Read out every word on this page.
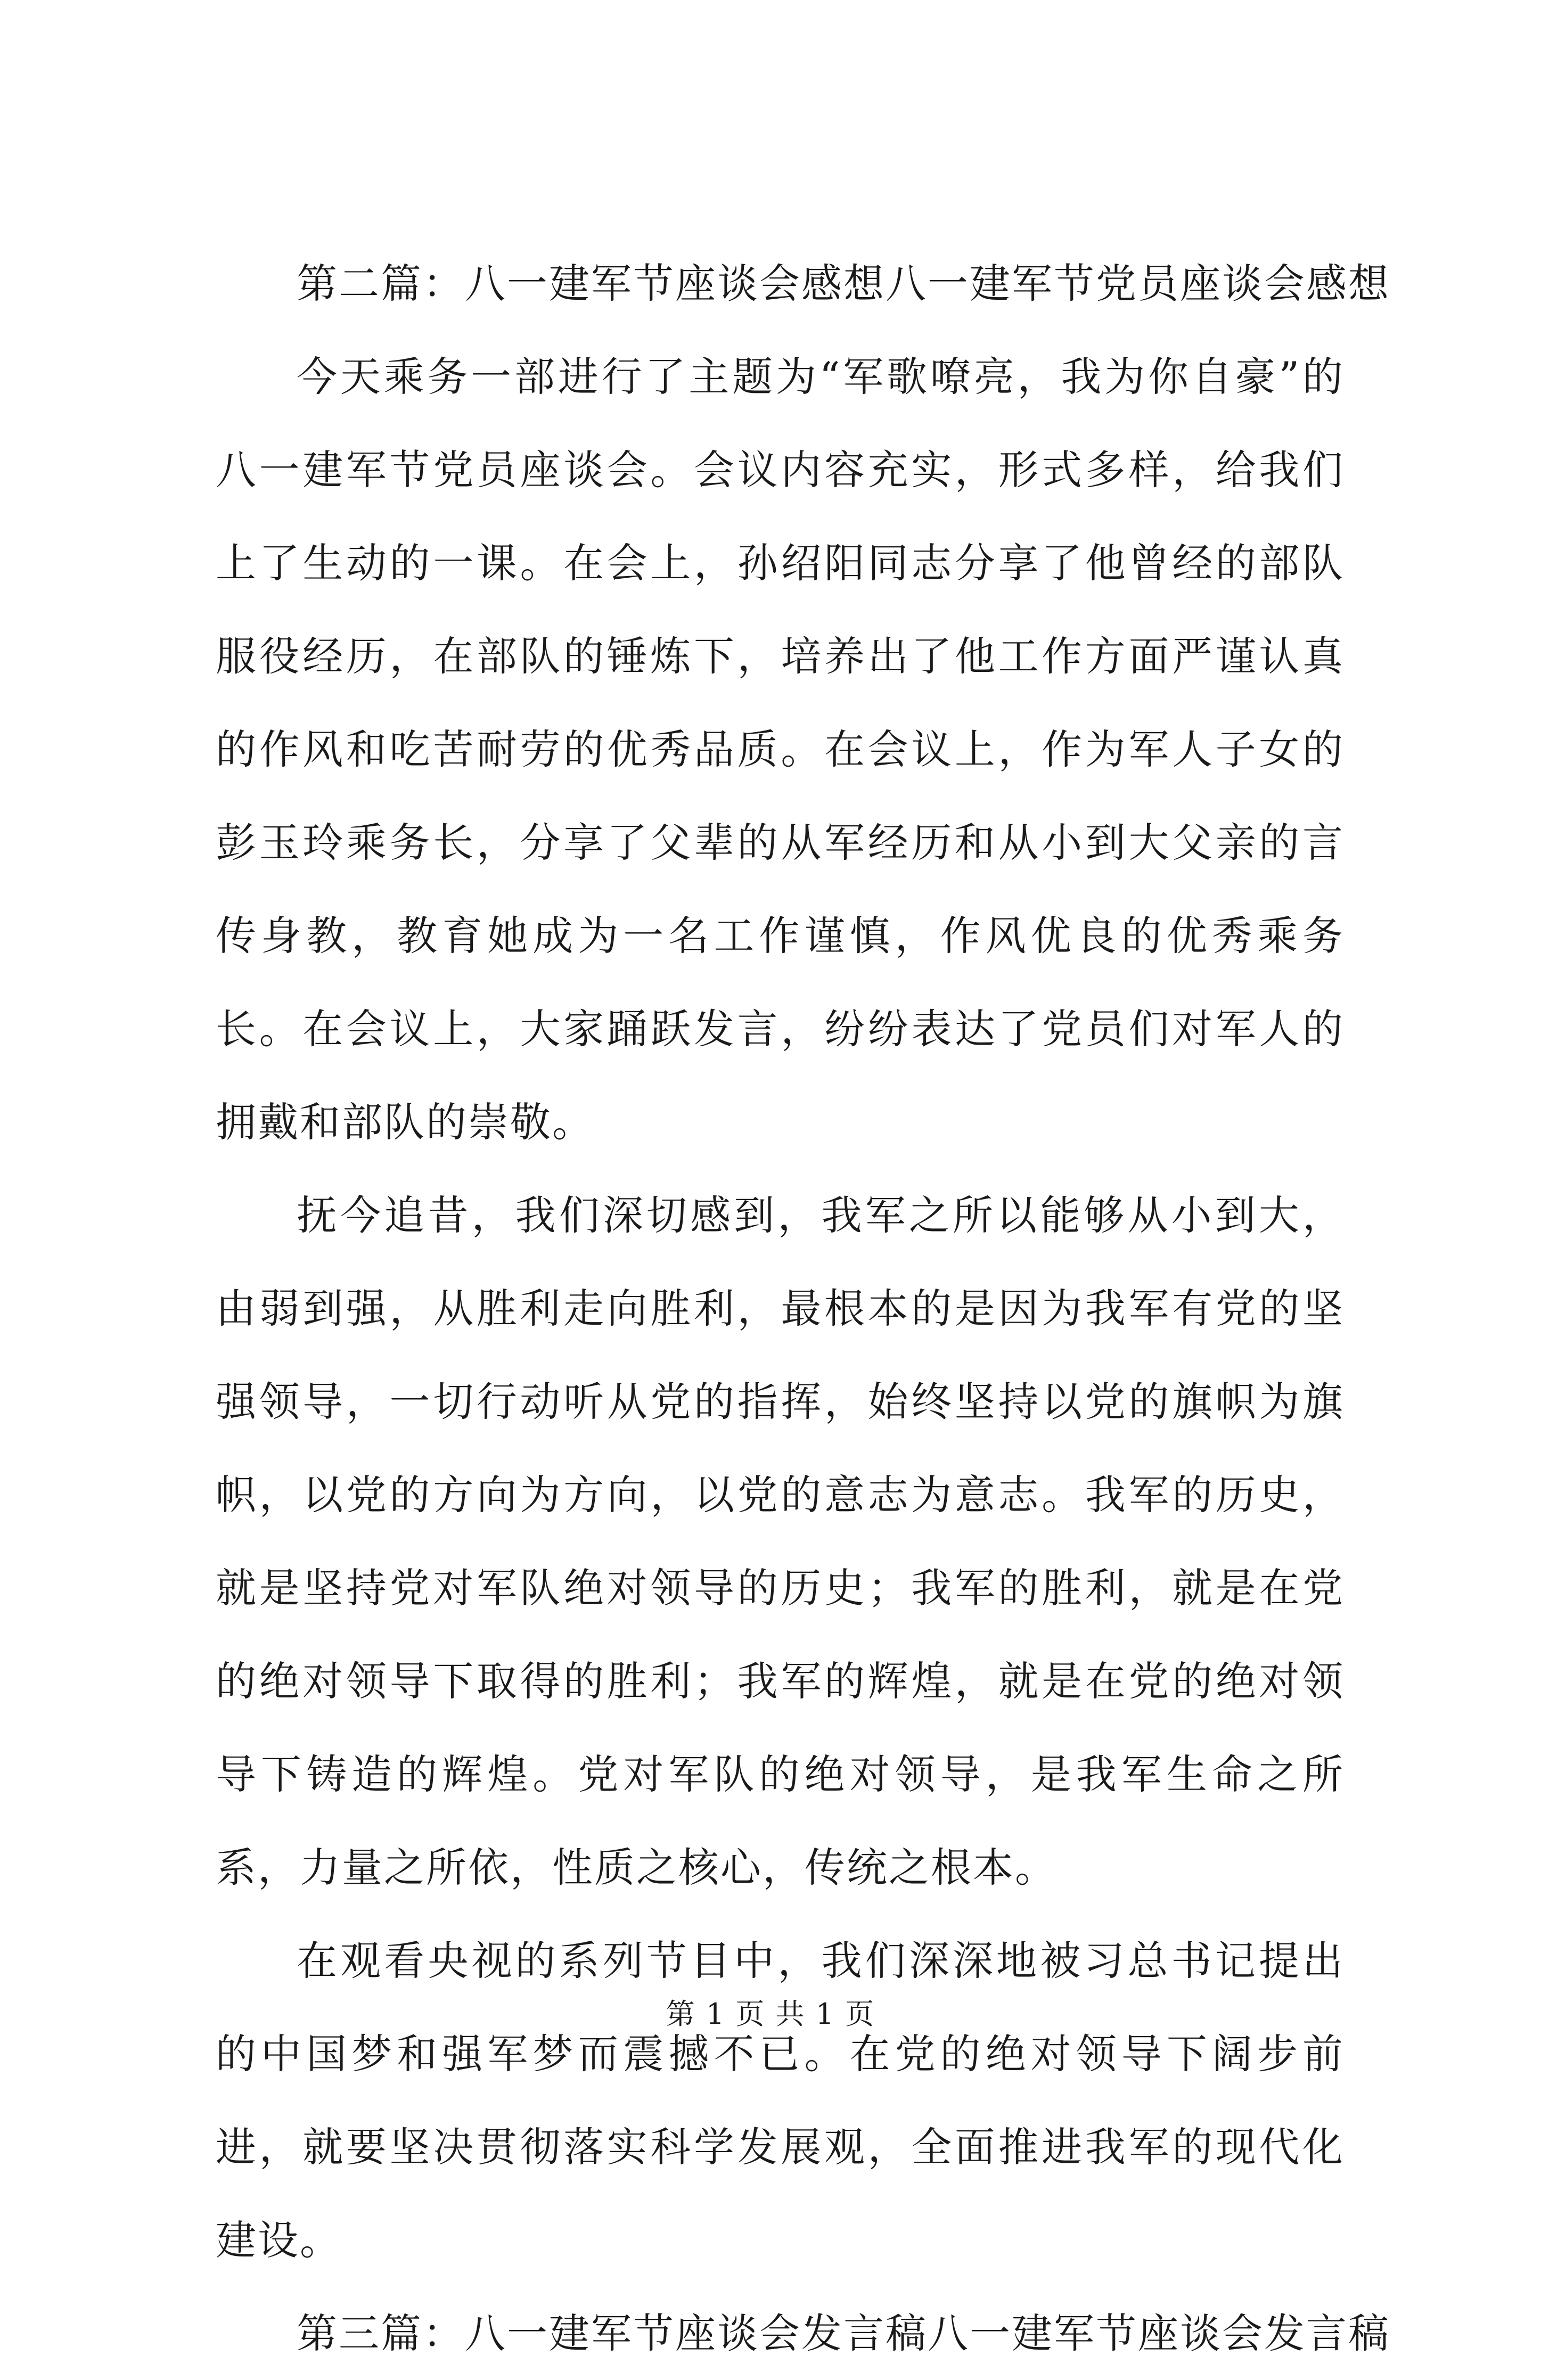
第二篇：八一建军节座谈会感想八一建军节党员座谈会感想

今天乘务一部进行了主题为“军歌嘹亮，我为你自豪”的八一建军节党员座谈会。会议内容充实，形式多样，给我们上了生动的一课。在会上，孙绍阳同志分享了他曾经的部队服役经历，在部队的锤炼下，培养出了他工作方面严谨认真的作风和吃苦耐劳的优秀品质。在会议上，作为军人子女的彭玉玲乘务长，分享了父辈的从军经历和从小到大父亲的言传身教，教育她成为一名工作谨慎，作风优良的优秀乘务长。在会议上，大家踊跃发言，纷纷表达了党员们对军人的拥戴和部队的崇敬。

抚今追昔，我们深切感到，我军之所以能够从小到大，由弱到强，从胜利走向胜利，最根本的是因为我军有党的坚强领导，一切行动听从党的指挥，始终坚持以党的旗帜为旗帜，以党的方向为方向，以党的意志为意志。我军的历史，就是坚持党对军队绝对领导的历史；我军的胜利，就是在党的绝对领导下取得的胜利；我军的辉煌，就是在党的绝对领导下铸造的辉煌。党对军队的绝对领导，是我军生命之所系，力量之所依，性质之核心，传统之根本。

在观看央视的系列节目中，我们深深地被习总书记提出的中国梦和强军梦而震撼不已。在党的绝对领导下阔步前进，就要坚决贯彻落实科学发展观，全面推进我军的现代化建设。

第三篇：八一建军节座谈会发言稿八一建军节座谈会发言稿

第 1 页 共 1 页
